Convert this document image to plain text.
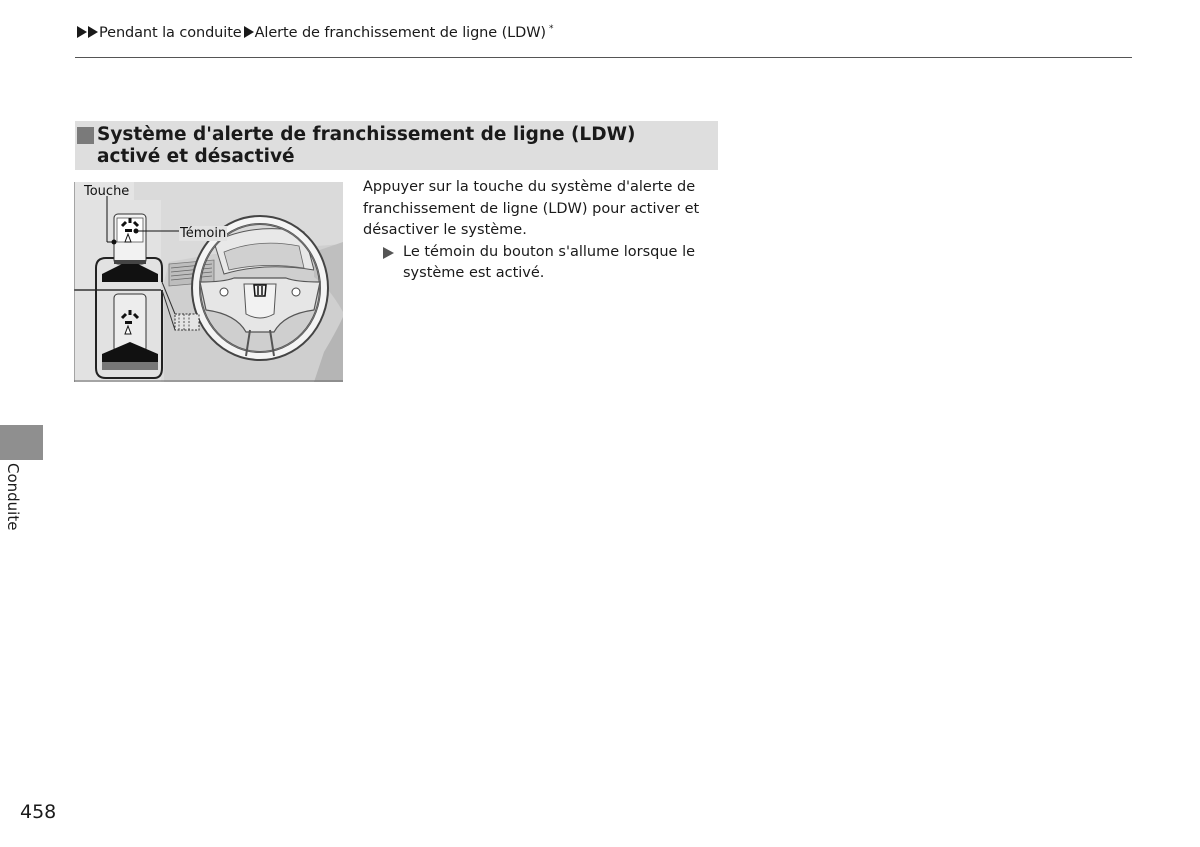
Pendant la conduite Alerte de franchissement de ligne (LDW) *
Système d'alerte de franchissement de ligne (LDW) activé et désactivé
Touche
Témoin
Appuyer sur la touche du système d'alerte de franchissement de ligne (LDW) pour activer et désactiver le système.
Le témoin du bouton s'allume lorsque le système est activé.
Conduite
458
